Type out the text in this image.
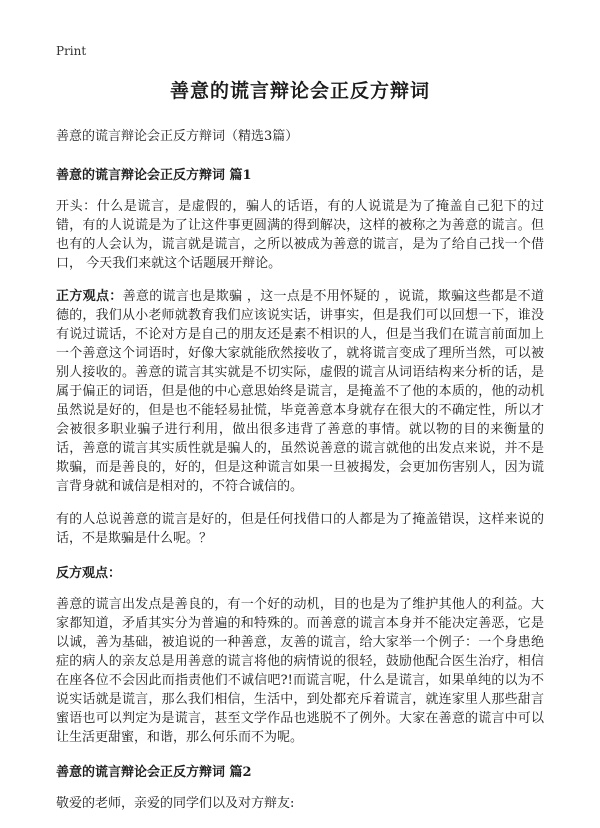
Print
善意的谎言辩论会正反方辩词
善意的谎言辩论会正反方辩词（精选3篇）
善意的谎言辩论会正反方辩词 篇1

开头：什么是谎言，是虚假的，骗人的话语，有的人说谎是为了掩盖自己犯下的过错，有的人说谎是为了让这件事更圆满的得到解决，这样的被称之为善意的谎言。但也有的人会认为，谎言就是谎言，之所以被成为善意的谎言，是为了给自己找一个借口， 今天我们来就这个话题展开辩论。

正方观点：善意的谎言也是欺骗 ，这一点是不用怀疑的 ，说谎，欺骗这些都是不道德的，我们从小老师就教育我们应该说实话，讲事实，但是我们可以回想一下，谁没有说过谎话，不论对方是自己的朋友还是素不相识的人，但是当我们在谎言前面加上一个善意这个词语时，好像大家就能欣然接收了，就将谎言变成了理所当然，可以被别人接收的。善意的谎言其实就是不切实际，虚假的谎言从词语结构来分析的话，是属于偏正的词语，但是他的中心意思始终是谎言，是掩盖不了他的本质的，他的动机虽然说是好的，但是也不能轻易扯慌，毕竟善意本身就存在很大的不确定性，所以才会被很多职业骗子进行利用，做出很多违背了善意的事情。就以物的目的来衡量的话，善意的谎言其实质性就是骗人的，虽然说善意的谎言就他的出发点来说，并不是欺骗，而是善良的，好的，但是这种谎言如果一旦被揭发，会更加伤害别人，因为谎言背身就和诚信是相对的，不符合诚信的。

有的人总说善意的谎言是好的，但是任何找借口的人都是为了掩盖错误，这样来说的话，不是欺骗是什么呢。？

反方观点：

善意的谎言出发点是善良的，有一个好的动机，目的也是为了维护其他人的利益。大家都知道，矛盾其实分为普遍的和特殊的。而善意的谎言本身并不能决定善恶，它是以诚，善为基础，被追说的一种善意，友善的谎言，给大家举一个例子：一个身患绝症的病人的亲友总是用善意的谎言将他的病情说的很轻，鼓励他配合医生治疗，相信在座各位不会因此而指责他们不诚信吧?!而谎言呢，什么是谎言，如果单纯的以为不说实话就是谎言，那么我们相信，生活中，到处都充斥着谎言，就连家里人那些甜言蜜语也可以判定为是谎言，甚至文学作品也逃脱不了例外。大家在善意的谎言中可以让生活更甜蜜，和谐，那么何乐而不为呢。

善意的谎言辩论会正反方辩词 篇2

敬爱的老师，亲爱的同学们以及对方辩友:
